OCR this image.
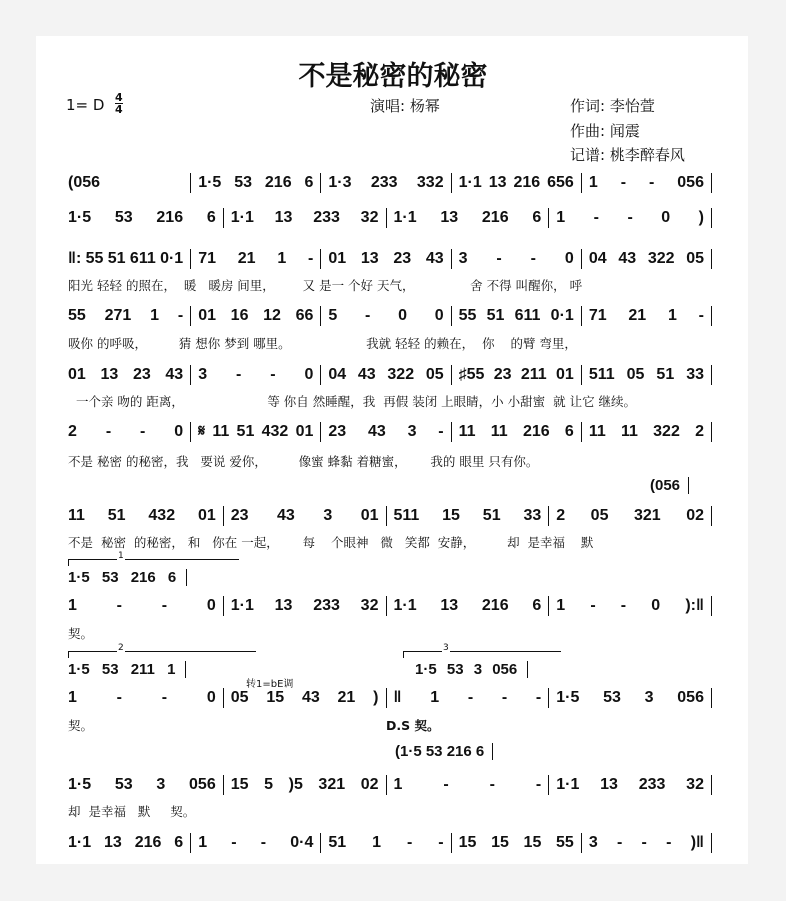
不是秘密的秘密
1= D 4
4	演唱: 杨幂	作词: 李怡萱
作曲: 闻震
记谱: 桃李醉春风
(056	1·5 53 216 6 1·3 233 332 1·1 13 216 656 1 - - 056
1·5 53 216 6 1·1 13 233 32 1·1 13 216 6 1 - - 0 )
‖: 55 51 611 0·1 71 21 1 - 01 13 23 43 3 - - 0 04 43 322 05
阳光 轻轻 的照在，  暖   暖房 间里，       又 是一 个好 天气，              舍 不得 叫醒你， 呼
55 271 1 - 01 16 12 66 5 - 0 0 55 51 611 0·1 71 21 1 -
吸你 的呼吸，        猜 想你 梦到 哪里。                   我就 轻轻 的赖在，  你    的臂 弯里，
01 13 23 43 3 - - 0 04 43 322 05 ♯55 23 211 01 511 05 51 33
一个亲 吻的 距离，                     等 你自 然睡醒，我  再假 装闭 上眼睛，小 小甜蜜  就 让它 继续。
2 - - 0 𝄋 11 51 432 01 23 43 3 - 11 11 216 6 11 11 322 2
不是 秘密 的秘密，我   要说 爱你，        像蜜 蜂黏 着糖蜜，      我的 眼里 只有你。
11 51 432 01 23 43 3 01 511 15 51 33 2 05 321 02
不是  秘密  的秘密， 和   你在 一起，      每    个眼神   微   笑都  安静，        却  是幸福    默
(056
1 - - 0 1·1 13 233 32 1·1 13 216 6 1 - - 0 ):‖
契。
1
1·5 53 216 6
1 - - 0 05 15 43 21 ) ‖ 1 - - - 1·5 53 3 056
契。
2	3
1·5 53 211 1	1·5 53 3 056
转1=bE调
D.S 契。
1·5 53 3 056 15 5 )5 321 02 1	-	-	- 1·1 13 233 32
却  是幸福   默     契。
(1·5 53 216 6
1·1 13 216 6 1 - - 0·4 51 1 - - 15 15 15 55 3 - - - )‖
